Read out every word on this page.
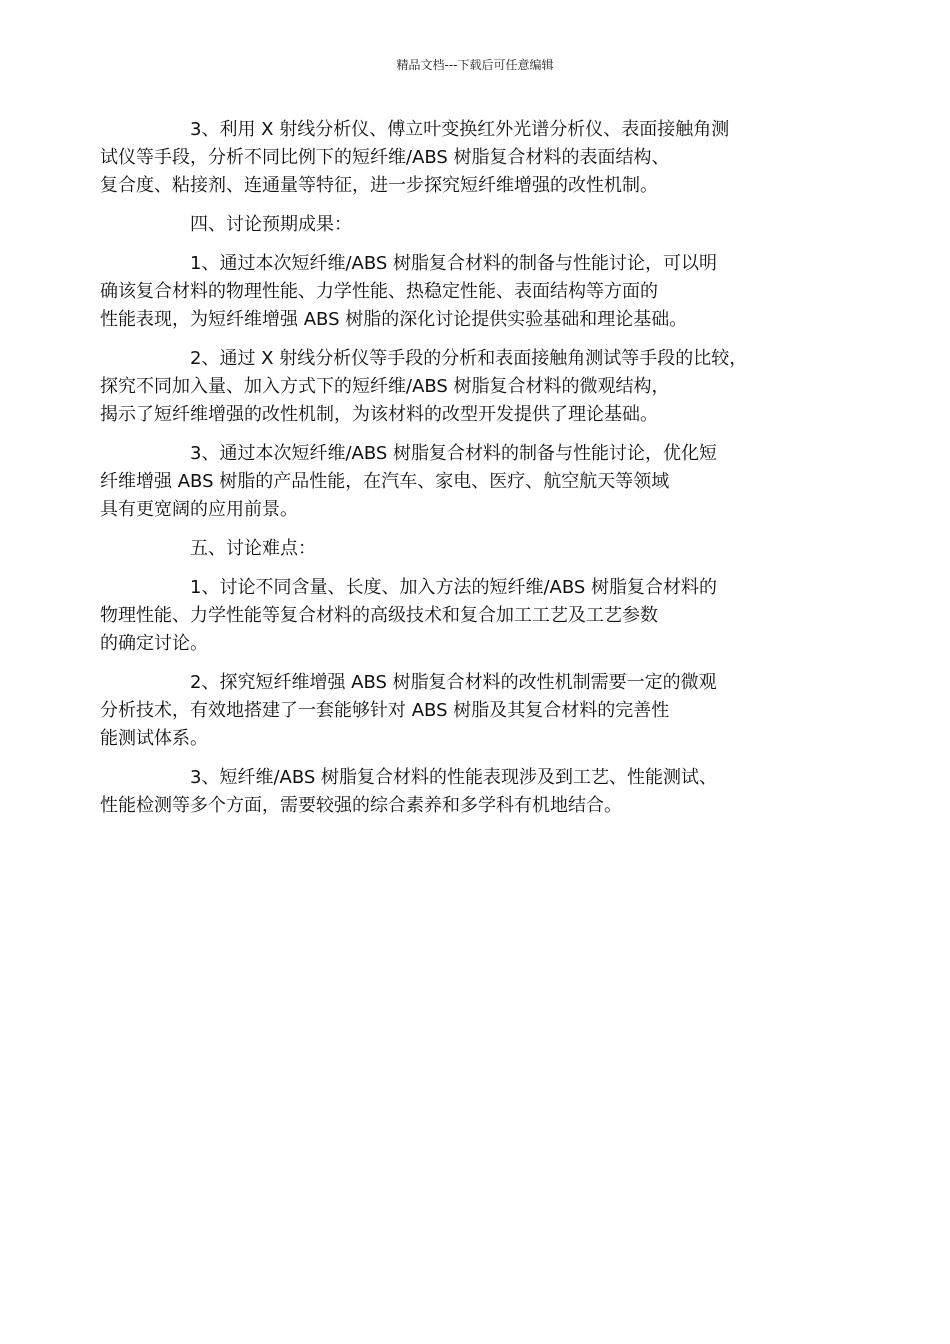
精品文档---下载后可任意编辑

3、利用 X 射线分析仪、傅立叶变换红外光谱分析仪、表面接触角测
试仪等手段，分析不同比例下的短纤维/ABS 树脂复合材料的表面结构、
复合度、粘接剂、连通量等特征，进一步探究短纤维增强的改性机制。

四、讨论预期成果：

1、通过本次短纤维/ABS 树脂复合材料的制备与性能讨论，可以明
确该复合材料的物理性能、力学性能、热稳定性能、表面结构等方面的
性能表现，为短纤维增强 ABS 树脂的深化讨论提供实验基础和理论基础。

2、通过 X 射线分析仪等手段的分析和表面接触角测试等手段的比较，
探究不同加入量、加入方式下的短纤维/ABS 树脂复合材料的微观结构，
揭示了短纤维增强的改性机制，为该材料的改型开发提供了理论基础。

3、通过本次短纤维/ABS 树脂复合材料的制备与性能讨论，优化短
纤维增强 ABS 树脂的产品性能，在汽车、家电、医疗、航空航天等领域
具有更宽阔的应用前景。

五、讨论难点：

1、讨论不同含量、长度、加入方法的短纤维/ABS 树脂复合材料的
物理性能、力学性能等复合材料的高级技术和复合加工工艺及工艺参数
的确定讨论。

2、探究短纤维增强 ABS 树脂复合材料的改性机制需要一定的微观
分析技术，有效地搭建了一套能够针对 ABS 树脂及其复合材料的完善性
能测试体系。

3、短纤维/ABS 树脂复合材料的性能表现涉及到工艺、性能测试、
性能检测等多个方面，需要较强的综合素养和多学科有机地结合。
